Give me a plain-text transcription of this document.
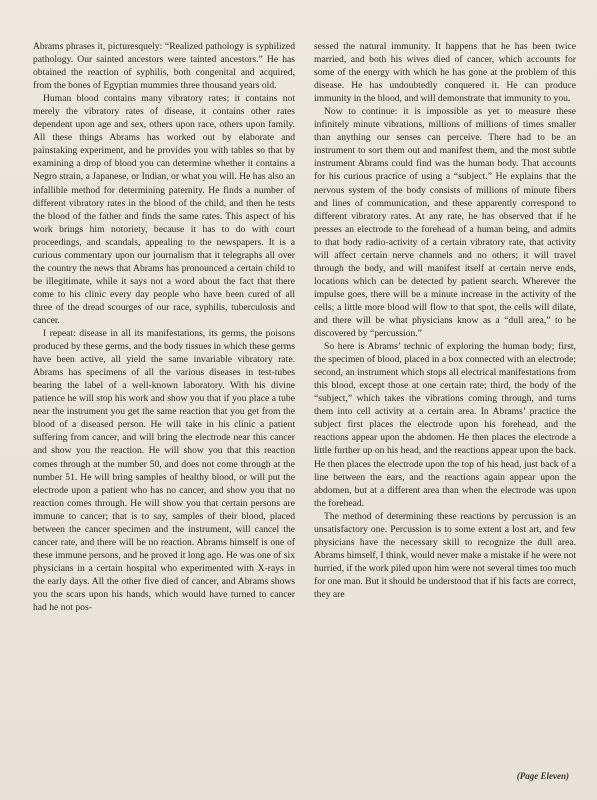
Abrams phrases it, picturesquely: “Realized pathology is syphilized pathology. Our sainted ancestors were tainted ancestors.” He has obtained the reaction of syphilis, both congenital and acquired, from the bones of Egyptian mummies three thousand years old.

Human blood contains many vibratory rates; it contains not merely the vibratory rates of disease, it contains other rates dependent upon age and sex, others upon race, others upon family. All these things Abrams has worked out by elaborate and painstaking experiment, and he provides you with tables so that by examining a drop of blood you can determine whether it contains a Negro strain, a Japanese, or Indian, or what you will. He has also an infallible method for determining paternity. He finds a number of different vibratory rates in the blood of the child, and then he tests the blood of the father and finds the same rates. This aspect of his work brings him notoriety, because it has to do with court proceedings, and scandals, appealing to the newspapers. It is a curious commentary upon our journalism that it telegraphs all over the country the news that Abrams has pronounced a certain child to be illegitimate, while it says not a word about the fact that there come to his clinic every day people who have been cured of all three of the dread scourges of our race, syphilis, tuberculosis and cancer.

I repeat: disease in all its manifestations, its germs, the poisons produced by these germs, and the body tissues in which these germs have been active, all yield the same invariable vibratory rate. Abrams has specimens of all the various diseases in test-tubes bearing the label of a well-known laboratory. With his divine patience he will stop his work and show you that if you place a tube near the instrument you get the same reaction that you get from the blood of a diseased person. He will take in his clinic a patient suffering from cancer, and will bring the electrode near this cancer and show you the reaction. He will show you that this reaction comes through at the number 50, and does not come through at the number 51. He will bring samples of healthy blood, or will put the electrode upon a patient who has no cancer, and show you that no reaction comes through. He will show you that certain persons are immune to cancer; that is to say, samples of their blood, placed between the cancer specimen and the instrument, will cancel the cancer rate, and there will be no reaction. Abrams himself is one of these immune persons, and he proved it long ago. He was one of six physicians in a certain hospital who experimented with X-rays in the early days. All the other five died of cancer, and Abrams shows you the scars upon his hands, which would have turned to cancer had he not pos-

sessed the natural immunity. It happens that he has been twice married, and both his wives died of cancer, which accounts for some of the energy with which he has gone at the problem of this disease. He has undoubtedly conquered it. He can produce immunity in the blood, and will demonstrate that immunity to you.

Now to continue: it is impossible as yet to measure these infinitely minute vibrations, millions of millions of times smaller than anything our senses can perceive. There had to be an instrument to sort them out and manifest them, and the most subtle instrument Abrams could find was the human body. That accounts for his curious practice of using a “subject.” He explains that the nervous system of the body consists of millions of minute fibers and lines of communication, and these apparently correspond to different vibratory rates. At any rate, he has observed that if he presses an electrode to the forehead of a human being, and admits to that body radio-activity of a certain vibratory rate, that activity will affect certain nerve channels and no others; it will travel through the body, and will manifest itself at certain nerve ends, locations which can be detected by patient search. Wherever the impulse goes, there will be a minute increase in the activity of the cells; a little more blood will flow to that spot, the cells will dilate, and there will be what physicians know as a “dull area,” to be discovered by “percussion.”

So here is Abrams’ technic of exploring the human body; first, the specimen of blood, placed in a box connected with an electrode; second, an instrument which stops all electrical manifestations from this blood, except those at one certain rate; third, the body of the “subject,” which takes the vibrations coming through, and turns them into cell activity at a certain area. In Abrams’ practice the subject first places the electrode upon his forehead, and the reactions appear upon the abdomen. He then places the electrode a little further up on his head, and the reactions appear upon the back. He then places the electrode upon the top of his head, just back of a line between the ears, and the reactions again appear upon the abdomen, but at a different area than when the electrode was upon the forehead.

The method of determining these reactions by percussion is an unsatisfactory one. Percussion is to some extent a lost art, and few physicians have the necessary skill to recognize the dull area. Abrams himself, I think, would never make a mistake if he were not hurried, if the work piled upon him were not several times too much for one man. But it should be understood that if his facts are correct, they are

(Page Eleven)
